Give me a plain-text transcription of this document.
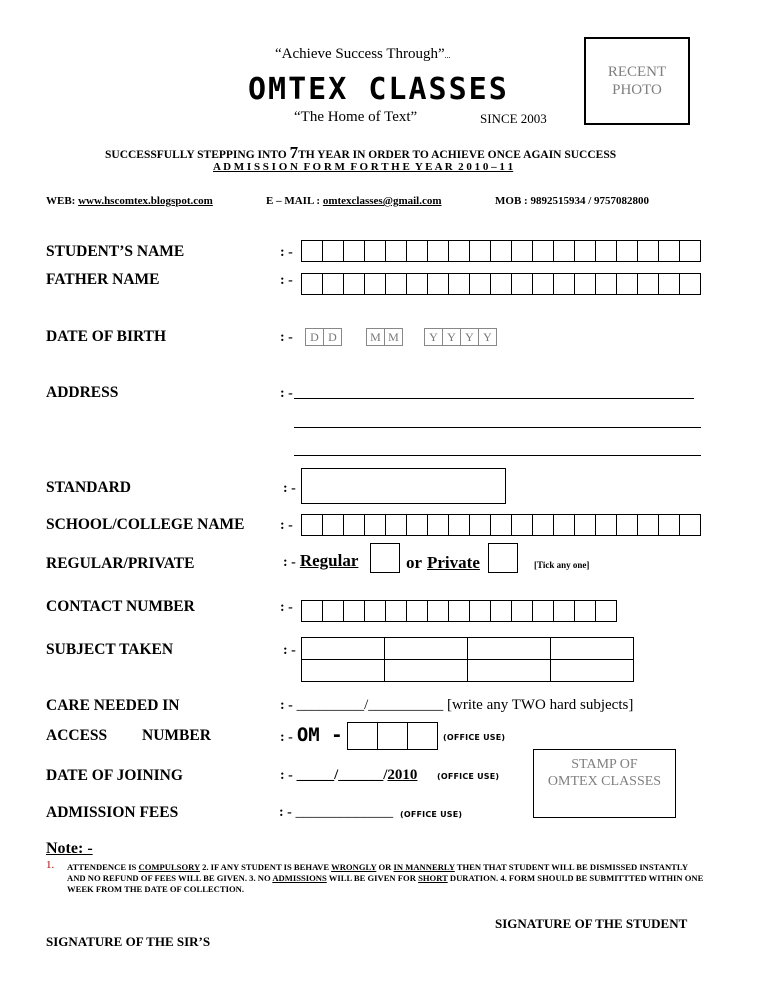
“Achieve Success Through”...
OMTEX CLASSES
“The Home of Text”	SINCE 2003
RECENT
PHOTO
SUCCESSFULLY STEPPING INTO 7TH YEAR IN ORDER TO ACHIEVE ONCE AGAIN SUCCESS
A D M I S S I O N  F O R M  F O R T H E  Y E A R  2 0 1 0 – 1 1
WEB: www.hscomtex.blogspot.com	E – MAIL : omtexclasses@gmail.com	MOB : 9892515934 / 9757082800
STUDENT’S NAME	: -
FATHER NAME	: -
DATE OF BIRTH	: -	D D	M M	Y Y Y Y
ADDRESS	: -
STANDARD	: -
SCHOOL/COLLEGE NAME	: -
REGULAR/PRIVATE	: - Regular	or Private	[Tick any one]
CONTACT NUMBER	: -
SUBJECT TAKEN	: -

CARE NEEDED IN	: - _________/__________ [write any TWO hard subjects]
ACCESS NUMBER	: - OM -	(OFFICE USE)
DATE OF JOINING	: - _____/______/2010 (OFFICE USE)
STAMP OF
OMTEX CLASSES
ADMISSION FEES	: - _____________ (OFFICE USE)
Note: -
1. ATTENDENCE IS COMPULSORY 2. IF ANY STUDENT IS BEHAVE WRONGLY OR IN MANNERLY THEN THAT STUDENT WILL BE DISMISSED INSTANTLY AND NO REFUND OF FEES WILL BE GIVEN. 3. NO ADMISSIONS WILL BE GIVEN FOR SHORT DURATION. 4. FORM SHOULD BE SUBMITTTED WITHIN ONE WEEK FROM THE DATE OF COLLECTION.
SIGNATURE OF THE STUDENT
SIGNATURE OF THE SIR’S
